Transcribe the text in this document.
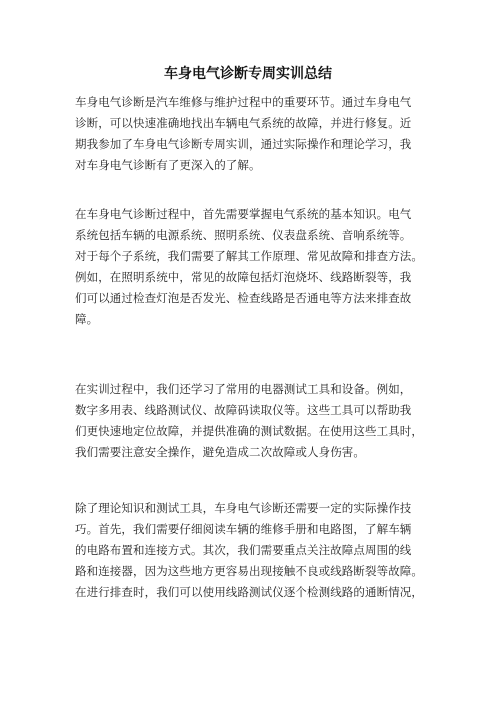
车身电气诊断专周实训总结
车身电气诊断是汽车维修与维护过程中的重要环节。通过车身电气
诊断，可以快速准确地找出车辆电气系统的故障，并进行修复。近
期我参加了车身电气诊断专周实训，通过实际操作和理论学习，我
对车身电气诊断有了更深入的了解。
在车身电气诊断过程中，首先需要掌握电气系统的基本知识。电气
系统包括车辆的电源系统、照明系统、仪表盘系统、音响系统等。
对于每个子系统，我们需要了解其工作原理、常见故障和排查方法。
例如，在照明系统中，常见的故障包括灯泡烧坏、线路断裂等，我
们可以通过检查灯泡是否发光、检查线路是否通电等方法来排查故
障。
在实训过程中，我们还学习了常用的电器测试工具和设备。例如，
数字多用表、线路测试仪、故障码读取仪等。这些工具可以帮助我
们更快速地定位故障，并提供准确的测试数据。在使用这些工具时，
我们需要注意安全操作，避免造成二次故障或人身伤害。
除了理论知识和测试工具，车身电气诊断还需要一定的实际操作技
巧。首先，我们需要仔细阅读车辆的维修手册和电路图，了解车辆
的电路布置和连接方式。其次，我们需要重点关注故障点周围的线
路和连接器，因为这些地方更容易出现接触不良或线路断裂等故障。
在进行排查时，我们可以使用线路测试仪逐个检测线路的通断情况，
